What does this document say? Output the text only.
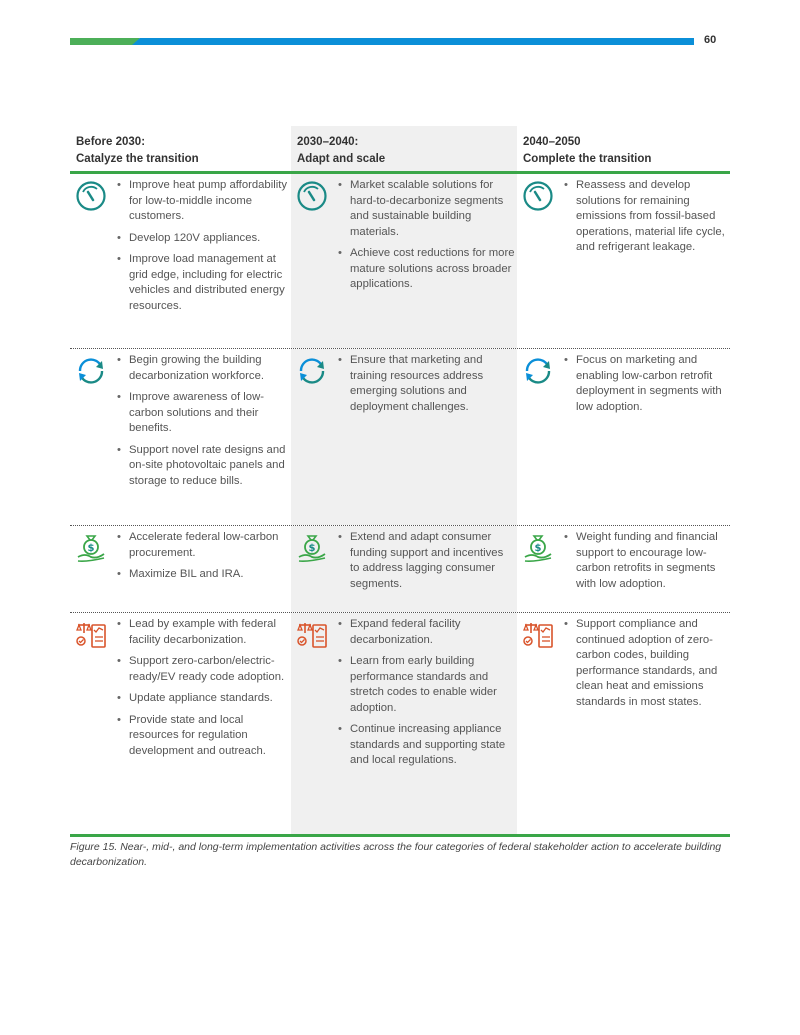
60
Before 2030:
Catalyze the transition
2030–2040:
Adapt and scale
2040–2050
Complete the transition
• Improve heat pump affordability for low-to-middle income customers.
• Develop 120V appliances.
• Improve load management at grid edge, including for electric vehicles and distributed energy resources.
• Market scalable solutions for hard-to-decarbonize segments and sustainable building materials.
• Achieve cost reductions for more mature solutions across broader applications.
• Reassess and develop solutions for remaining emissions from fossil-based operations, material life cycle, and refrigerant leakage.
• Begin growing the building decarbonization workforce.
• Improve awareness of low-carbon solutions and their benefits.
• Support novel rate designs and on-site photovoltaic panels and storage to reduce bills.
• Ensure that marketing and training resources address emerging solutions and deployment challenges.
• Focus on marketing and enabling low-carbon retrofit deployment in segments with low adoption.
$
• Accelerate federal low-carbon procurement.
• Maximize BIL and IRA.
$
• Extend and adapt consumer funding support and incentives to address lagging consumer segments.
$
• Weight funding and financial support to encourage low-carbon retrofits in segments with low adoption.
• Lead by example with federal facility decarbonization.
• Support zero-carbon/electric-ready/EV ready code adoption.
• Update appliance standards.
• Provide state and local resources for regulation development and outreach.
• Expand federal facility decarbonization.
• Learn from early building performance standards and stretch codes to enable wider adoption.
• Continue increasing appliance standards and supporting state and local regulations.
• Support compliance and continued adoption of zero-carbon codes, building performance standards, and clean heat and emissions standards in most states.
Figure 15. Near-, mid-, and long-term implementation activities across the four categories of federal stakeholder action to accelerate building decarbonization.
